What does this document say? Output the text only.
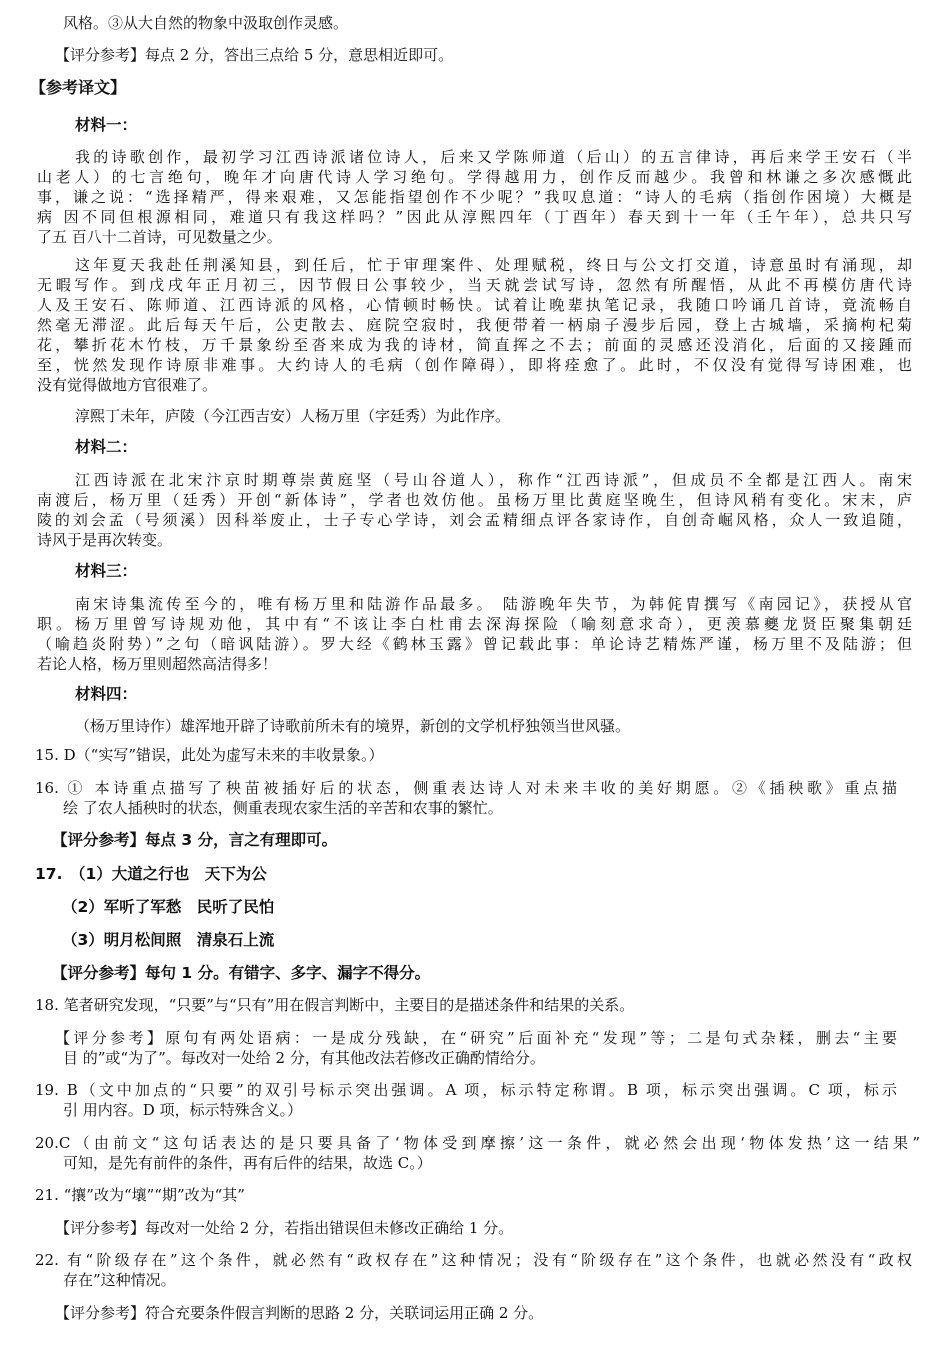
风格。③从大自然的物象中汲取创作灵感。
【评分参考】每点 2 分，答出三点给 5 分，意思相近即可。
【参考译文】
材料一：
我的诗歌创作，最初学习江西诗派诸位诗人，后来又学陈师道（后山）的五言律诗，再后来学王安石（半
山老人）的七言绝句，晚年才向唐代诗人学习绝句。学得越用力，创作反而越少。我曾和林谦之多次感慨此
事，谦之说：“选择精严，得来艰难，又怎能指望创作不少呢？”我叹息道：“诗人的毛病（指创作困境）大概是
病 因不同但根源相同，难道只有我这样吗？”因此从淳熙四年（丁酉年）春天到十一年（壬午年），总共只写
了五 百八十二首诗，可见数量之少。
这年夏天我赴任荆溪知县，到任后，忙于审理案件、处理赋税，终日与公文打交道，诗意虽时有涌现，却
无暇写作。到戊戌年正月初三，因节假日公事较少，当天就尝试写诗，忽然有所醒悟，从此不再模仿唐代诗
人及王安石、陈师道、江西诗派的风格，心情顿时畅快。试着让晚辈执笔记录，我随口吟诵几首诗，竟流畅自
然毫无滞涩。此后每天午后，公吏散去、庭院空寂时，我便带着一柄扇子漫步后园，登上古城墙，采摘枸杞菊
花，攀折花木竹枝，万千景象纷至沓来成为我的诗材，简直挥之不去；前面的灵感还没消化，后面的又接踵而
至，恍然发现作诗原非难事。大约诗人的毛病（创作障碍），即将痊愈了。此时，不仅没有觉得写诗困难，也
没有觉得做地方官很难了。
淳熙丁未年，庐陵（今江西吉安）人杨万里（字廷秀）为此作序。
材料二：
江西诗派在北宋汴京时期尊崇黄庭坚（号山谷道人），称作“江西诗派”，但成员不全都是江西人。南宋
南渡后，杨万里（廷秀）开创“新体诗”，学者也效仿他。虽杨万里比黄庭坚晚生，但诗风稍有变化。宋末，庐
陵的刘会孟（号须溪）因科举废止，士子专心学诗，刘会孟精细点评各家诗作，自创奇崛风格，众人一致追随，
诗风于是再次转变。
材料三：
南宋诗集流传至今的，唯有杨万里和陆游作品最多。 陆游晚年失节，为韩侂胄撰写《南园记》，获授从官
职。杨万里曾写诗规劝他，其中有“不该让李白杜甫去深海探险（喻刻意求奇），更羡慕夔龙贤臣聚集朝廷
（喻趋炎附势）”之句（暗讽陆游）。罗大经《鹤林玉露》曾记载此事：单论诗艺精炼严谨，杨万里不及陆游；但
若论人格，杨万里则超然高洁得多！
材料四：
（杨万里诗作）雄浑地开辟了诗歌前所未有的境界，新创的文学机杼独领当世风骚。
15. D（“实写”错误，此处为虚写未来的丰收景象。）
16. ① 本诗重点描写了秧苗被插好后的状态，侧重表达诗人对未来丰收的美好期愿。②《插秧歌》重点描
绘 了农人插秧时的状态，侧重表现农家生活的辛苦和农事的繁忙。
【评分参考】每点 3 分，言之有理即可。
17. （1）大道之行也　天下为公
（2）军听了军愁　民听了民怕
（3）明月松间照　清泉石上流
【评分参考】每句 1 分。有错字、多字、漏字不得分。
18. 笔者研究发现，“只要”与“只有”用在假言判断中，主要目的是描述条件和结果的关系。
【评分参考】原句有两处语病：一是成分残缺，在“研究”后面补充“发现”等；二是句式杂糅，删去“主要
目 的”或“为了”。每改对一处给 2 分，有其他改法若修改正确酌情给分。
19. B（文中加点的“只要”的双引号标示突出强调。A 项，标示特定称谓。B 项，标示突出强调。C 项，标示
引 用内容。D 项，标示特殊含义。）
20.C（由前文“这句话表达的是只要具备了‘物体受到摩擦’这一条件，就必然会出现‘物体发热’这一结果”
可知，是先有前件的条件，再有后件的结果，故选 C。）
21. “攘”改为“壤”“期”改为“其”
【评分参考】每改对一处给 2 分，若指出错误但未修改正确给 1 分。
22. 有“阶级存在”这个条件，就必然有“政权存在”这种情况；没有“阶级存在”这个条件，也就必然没有“政权
存在”这种情况。
【评分参考】符合充要条件假言判断的思路 2 分，关联词运用正确 2 分。
